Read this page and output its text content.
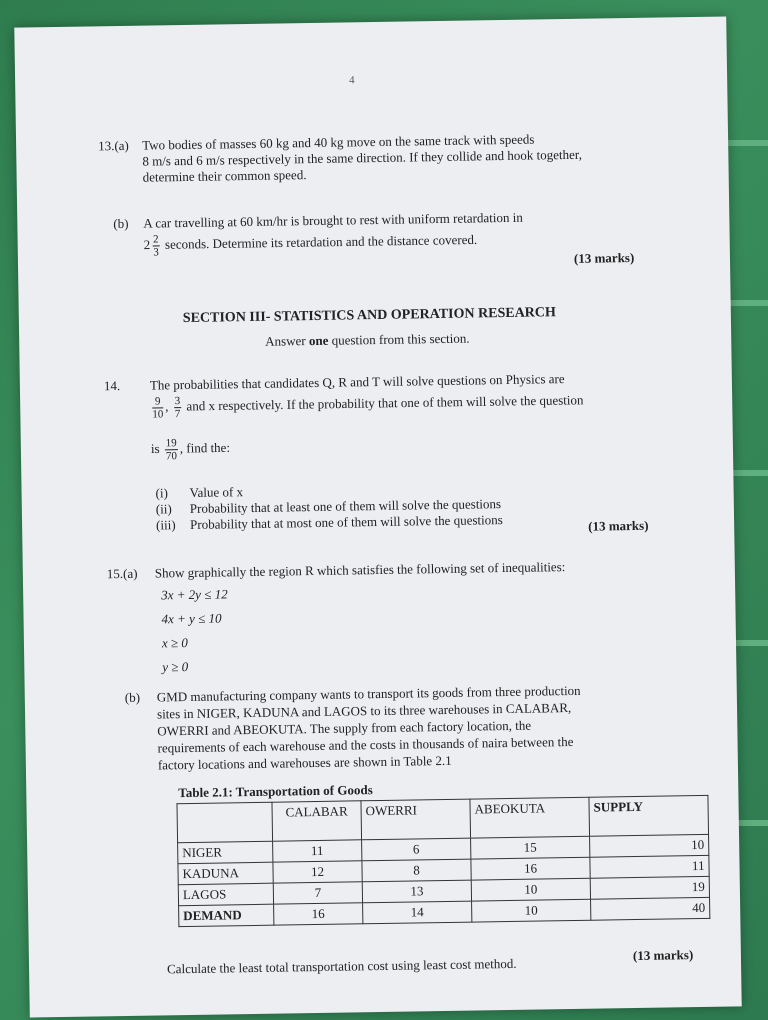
4
13.(a) Two bodies of masses 60 kg and 40 kg move on the same track with speeds
8 m/s and 6 m/s respectively in the same direction. If they collide and hook together,
determine their common speed.
(b) A car travelling at 60 km/hr is brought to rest with uniform retardation in
$2 \frac{2}{3}$ seconds. Determine its retardation and the distance covered.
(13 marks)
SECTION III- STATISTICS AND OPERATION RESEARCH
Answer one question from this section.
14. The probabilities that candidates Q, R and T will solve questions on Physics are
$\frac{9}{10}$ , $\frac{3}{7}$ and x respectively. If the probability that one of them will solve the question
is $\frac{19}{70}$ , find the:
(i) Value of x
(ii) Probability that at least one of them will solve the questions
(iii) Probability that at most one of them will solve the questions	(13 marks)
15.(a) Show graphically the region R which satisfies the following set of inequalities:
3x + 2y ≤ 12
4x + y ≤ 10
x ≥ 0
y ≥ 0
(b) GMD manufacturing company wants to transport its goods from three production
sites in NIGER, KADUNA and LAGOS to its three warehouses in CALABAR,
OWERRI and ABEOKUTA. The supply from each factory location, the
requirements of each warehouse and the costs in thousands of naira between the
factory locations and warehouses are shown in Table 2.1
Table 2.1: Transportation of Goods
	CALABAR	OWERRI	ABEOKUTA	SUPPLY
NIGER	11	6	15	10
KADUNA	12	8	16	11
LAGOS	7	13	10	19
DEMAND	16	14	10	40
Calculate the least total transportation cost using least cost method.
(13 marks)
